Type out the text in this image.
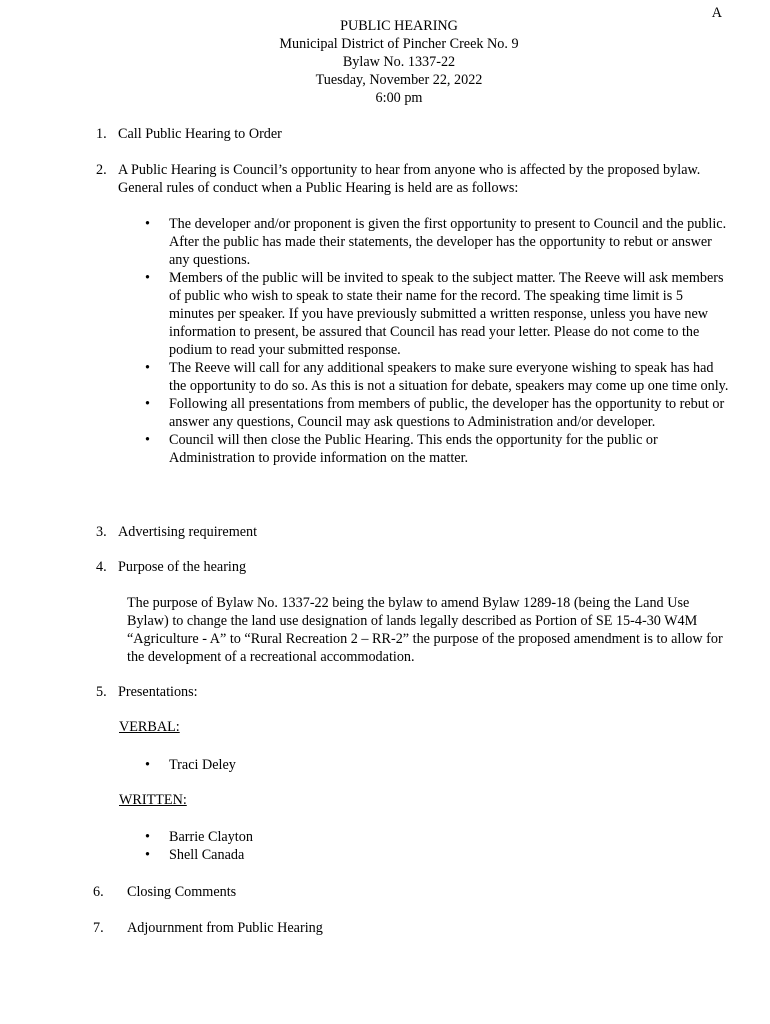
A
PUBLIC HEARING
Municipal District of Pincher Creek No. 9
Bylaw No. 1337-22
Tuesday, November 22, 2022
6:00 pm
1. Call Public Hearing to Order
2. A Public Hearing is Council’s opportunity to hear from anyone who is affected by the proposed bylaw. General rules of conduct when a Public Hearing is held are as follows:
• The developer and/or proponent is given the first opportunity to present to Council and the public. After the public has made their statements, the developer has the opportunity to rebut or answer any questions.
• Members of the public will be invited to speak to the subject matter. The Reeve will ask members of public who wish to speak to state their name for the record. The speaking time limit is 5 minutes per speaker. If you have previously submitted a written response, unless you have new information to present, be assured that Council has read your letter. Please do not come to the podium to read your submitted response.
• The Reeve will call for any additional speakers to make sure everyone wishing to speak has had the opportunity to do so. As this is not a situation for debate, speakers may come up one time only.
• Following all presentations from members of public, the developer has the opportunity to rebut or answer any questions, Council may ask questions to Administration and/or developer.
• Council will then close the Public Hearing. This ends the opportunity for the public or Administration to provide information on the matter.
3. Advertising requirement
4. Purpose of the hearing
The purpose of Bylaw No. 1337-22 being the bylaw to amend Bylaw 1289-18 (being the Land Use Bylaw) to change the land use designation of lands legally described as Portion of SE 15-4-30 W4M “Agriculture - A” to “Rural Recreation 2 – RR-2” the purpose of the proposed amendment is to allow for the development of a recreational accommodation.
5. Presentations:
VERBAL:
• Traci Deley
WRITTEN:
• Barrie Clayton
• Shell Canada
6. Closing Comments
7. Adjournment from Public Hearing
